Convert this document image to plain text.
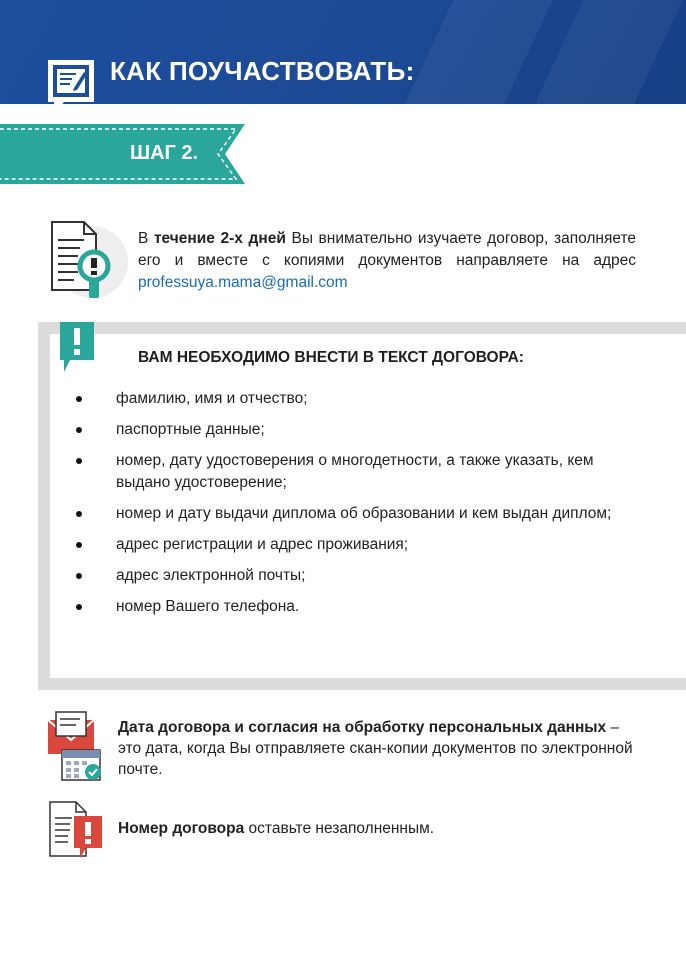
КАК ПОУЧАСТВОВАТЬ:
ШАГ 2.
В течение 2-х дней Вы внимательно изучаете договор, заполняете его и вместе с копиями документов направляете на адрес professuya.mama@gmail.com
ВАМ НЕОБХОДИМО ВНЕСТИ В ТЕКСТ ДОГОВОРА:
фамилию, имя и отчество;
паспортные данные;
номер, дату удостоверения о многодетности, а также указать, кем выдано удостоверение;
номер и дату выдачи диплома об образовании и кем выдан диплом;
адрес регистрации и адрес проживания;
адрес электронной почты;
номер Вашего телефона.
Дата договора и согласия на обработку персональных данных – это дата, когда Вы отправляете скан-копии документов по электронной почте.
Номер договора оставьте незаполненным.
